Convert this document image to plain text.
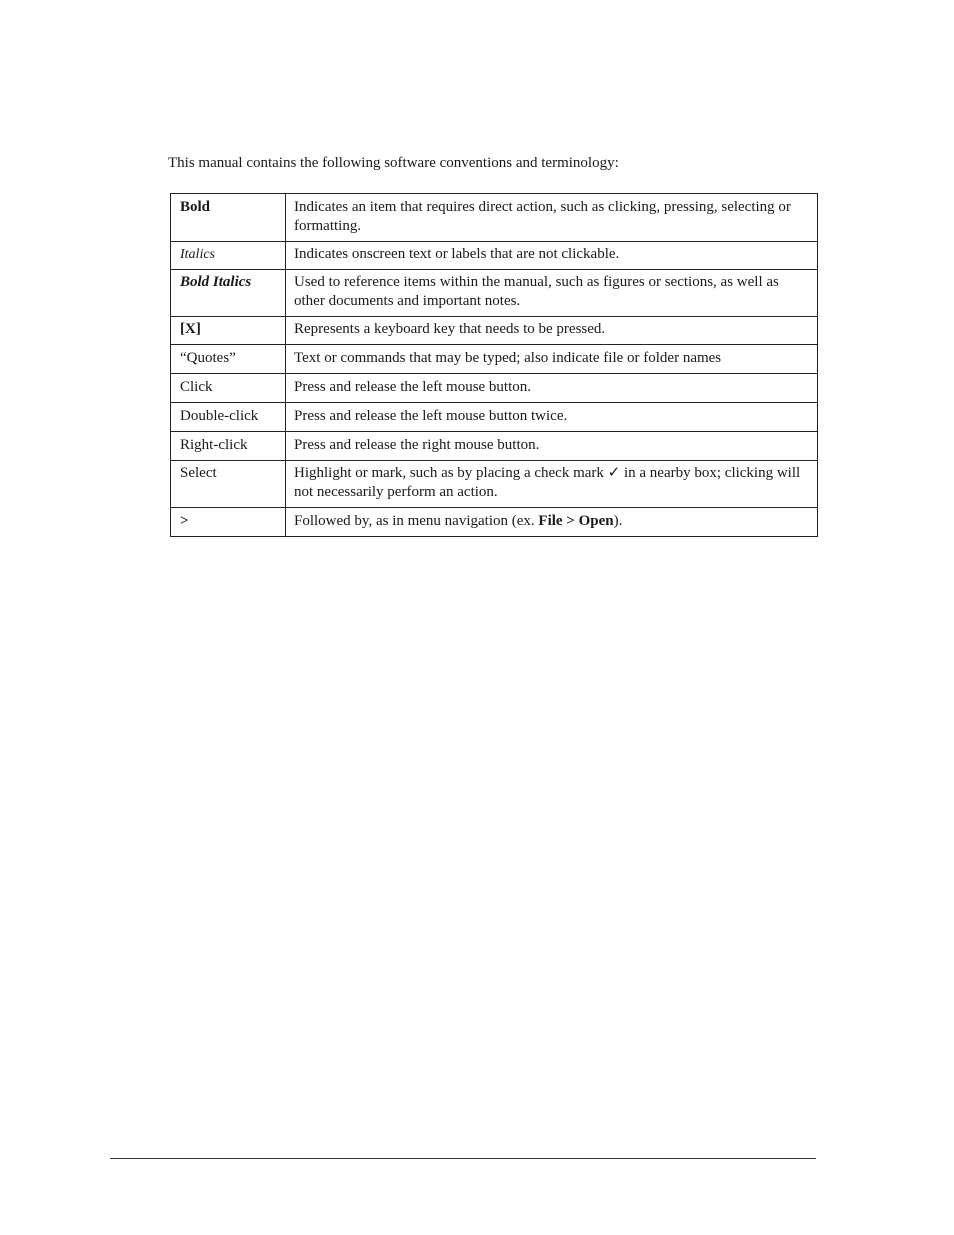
This manual contains the following software conventions and terminology:
Bold	Indicates an item that requires direct action, such as clicking, pressing, selecting or formatting.
Italics	Indicates onscreen text or labels that are not clickable.
Bold Italics	Used to reference items within the manual, such as figures or sections, as well as other documents and important notes.
[X]	Represents a keyboard key that needs to be pressed.
“Quotes”	Text or commands that may be typed; also indicate file or folder names
Click	Press and release the left mouse button.
Double-click	Press and release the left mouse button twice.
Right-click	Press and release the right mouse button.
Select	Highlight or mark, such as by placing a check mark ✓ in a nearby box; clicking will not necessarily perform an action.
>	Followed by, as in menu navigation (ex. File > Open).
